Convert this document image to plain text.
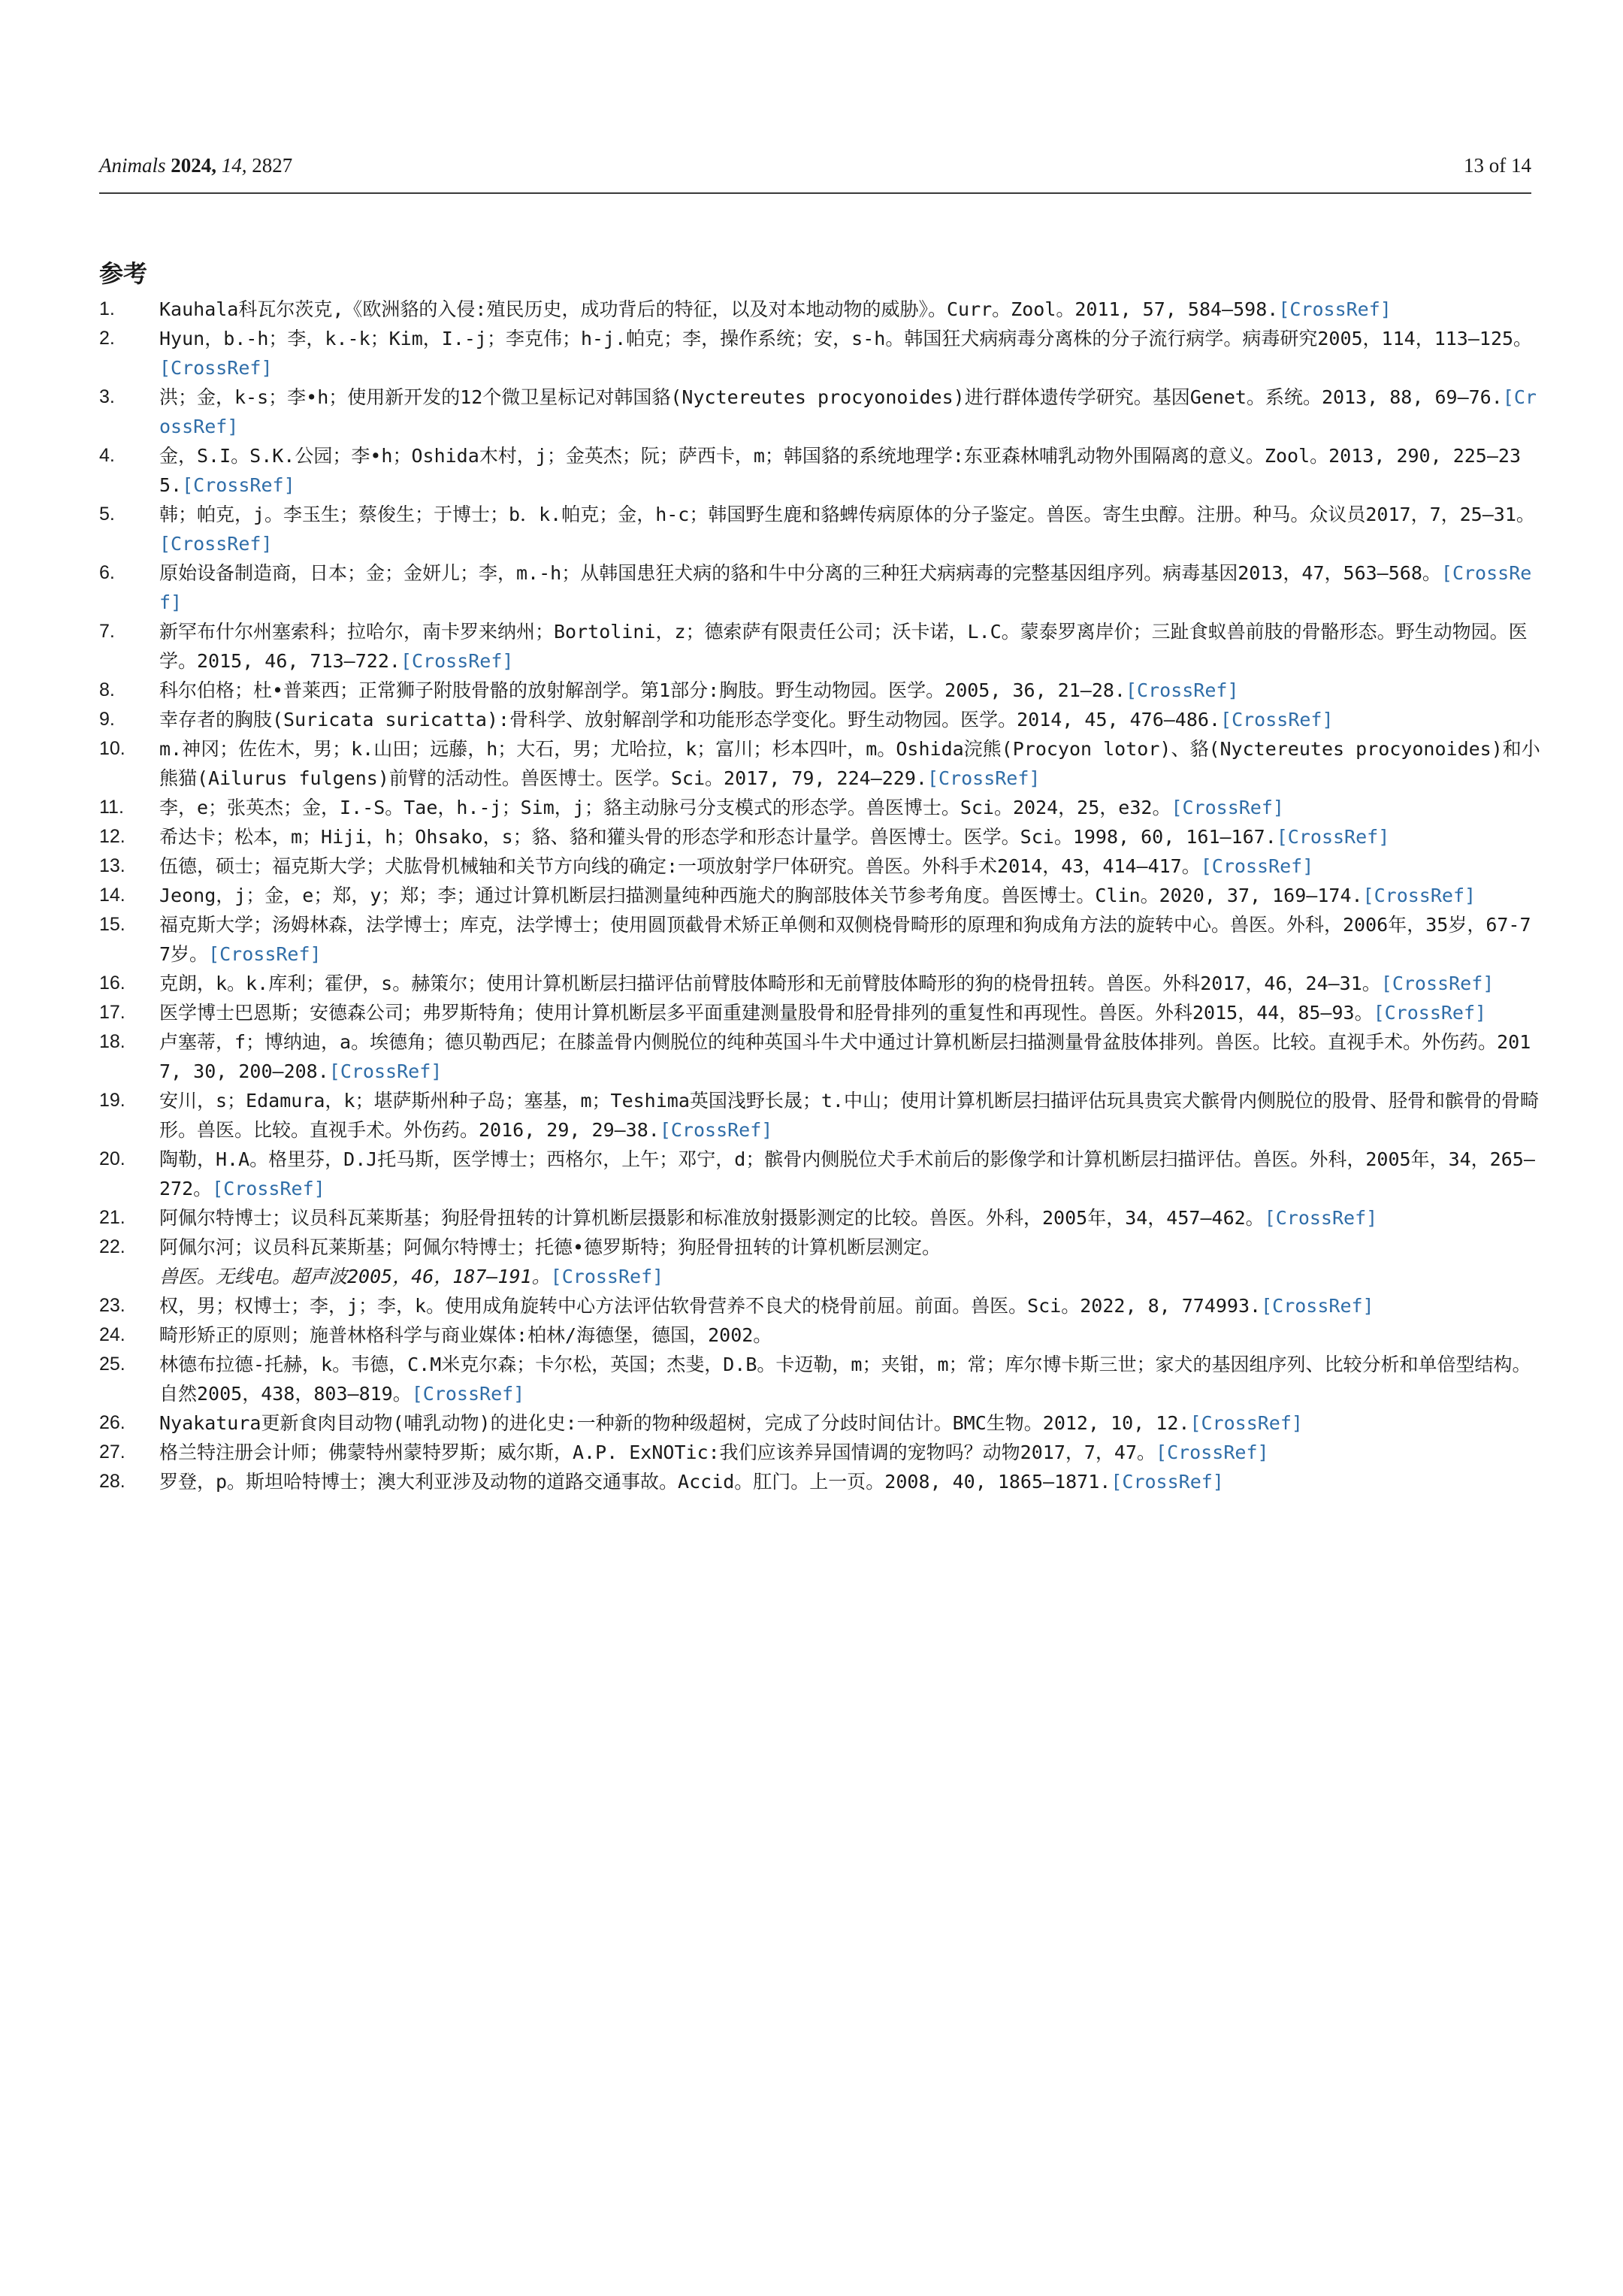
Animals 2024, 14, 2827	13 of 14
参考
1.	Kauhala科瓦尔茨克,《欧洲貉的入侵:殖民历史，成功背后的特征，以及对本地动物的威胁》。Curr。Zool。2011, 57, 584–598.[CrossRef]
2.	Hyun，b.-h；李，k.-k；Kim，I.-j；李克伟；h-j.帕克；李，操作系统；安，s-h。韩国狂犬病病毒分离株的分子流行病学。病毒研究2005，114，113–125。[CrossRef]
3.	洪；金，k-s；李•h；使用新开发的12个微卫星标记对韩国貉(Nyctereutes procyonoides)进行群体遗传学研究。基因Genet。系统。2013, 88, 69–76.[CrossRef]
4.	金，S.I。S.K.公园；李•h；Oshida木村，j；金英杰；阮；萨西卡，m；韩国貉的系统地理学:东亚森林哺乳动物外围隔离的意义。Zool。2013, 290, 225–235.[CrossRef]
5.	韩；帕克，j。李玉生；蔡俊生；于博士；b．k.帕克；金，h-c；韩国野生鹿和貉蜱传病原体的分子鉴定。兽医。寄生虫醇。注册。种马。众议员2017，7，25–31。[CrossRef]
6.	原始设备制造商，日本；金；金妍儿；李，m.-h；从韩国患狂犬病的貉和牛中分离的三种狂犬病病毒的完整基因组序列。病毒基因2013，47，563–568。[CrossRef]
7.	新罕布什尔州塞索科；拉哈尔，南卡罗来纳州；Bortolini，z；德索萨有限责任公司；沃卡诺，L.C。蒙泰罗离岸价；三趾食蚁兽前肢的骨骼形态。野生动物园。医学。2015, 46, 713–722.[CrossRef]
8.	科尔伯格；杜•普莱西；正常狮子附肢骨骼的放射解剖学。第1部分:胸肢。野生动物园。医学。2005, 36, 21–28.[CrossRef]
9.	幸存者的胸肢(Suricata suricatta):骨科学、放射解剖学和功能形态学变化。野生动物园。医学。2014, 45, 476–486.[CrossRef]
10.	m.神冈；佐佐木，男；k.山田；远藤，h；大石，男；尤哈拉，k；富川；杉本四叶，m。Oshida浣熊(Procyon lotor)、貉(Nyctereutes procyonoides)和小熊猫(Ailurus fulgens)前臂的活动性。兽医博士。医学。Sci。2017, 79, 224–229.[CrossRef]
11.	李，e；张英杰；金，I.-S。Tae，h.-j；Sim，j；貉主动脉弓分支模式的形态学。兽医博士。Sci。2024，25，e32。[CrossRef]
12.	希达卡；松本，m；Hiji，h；Ohsako，s；貉、貉和獾头骨的形态学和形态计量学。兽医博士。医学。Sci。1998, 60, 161–167.[CrossRef]
13.	伍德，硕士；福克斯大学；犬肱骨机械轴和关节方向线的确定:一项放射学尸体研究。兽医。外科手术2014，43，414–417。[CrossRef]
14.	Jeong，j；金，e；郑，y；郑；李；通过计算机断层扫描测量纯种西施犬的胸部肢体关节参考角度。兽医博士。Clin。2020, 37, 169–174.[CrossRef]
15.	福克斯大学；汤姆林森，法学博士；库克，法学博士；使用圆顶截骨术矫正单侧和双侧桡骨畸形的原理和狗成角方法的旋转中心。兽医。外科，2006年，35岁，67-77岁。[CrossRef]
16.	克朗，k。k.库利；霍伊，s。赫策尔；使用计算机断层扫描评估前臂肢体畸形和无前臂肢体畸形的狗的桡骨扭转。兽医。外科2017，46，24–31。[CrossRef]
17.	医学博士巴恩斯；安德森公司；弗罗斯特角；使用计算机断层多平面重建测量股骨和胫骨排列的重复性和再现性。兽医。外科2015，44，85–93。[CrossRef]
18.	卢塞蒂，f；博纳迪，a。埃德角；德贝勒西尼；在膝盖骨内侧脱位的纯种英国斗牛犬中通过计算机断层扫描测量骨盆肢体排列。兽医。比较。直视手术。外伤药。2017, 30, 200–208.[CrossRef]
19.	安川，s；Edamura，k；堪萨斯州种子岛；塞基，m；Teshima英国浅野长晟；t.中山；使用计算机断层扫描评估玩具贵宾犬髌骨内侧脱位的股骨、胫骨和髌骨的骨畸形。兽医。比较。直视手术。外伤药。2016, 29, 29–38.[CrossRef]
20.	陶勒，H.A。格里芬，D.J托马斯，医学博士；西格尔，上午；邓宁，d；髌骨内侧脱位犬手术前后的影像学和计算机断层扫描评估。兽医。外科，2005年，34，265–272。[CrossRef]
21.	阿佩尔特博士；议员科瓦莱斯基；狗胫骨扭转的计算机断层摄影和标准放射摄影测定的比较。兽医。外科，2005年，34，457–462。[CrossRef]
22.	阿佩尔河；议员科瓦莱斯基；阿佩尔特博士；托德•德罗斯特；狗胫骨扭转的计算机断层测定。
兽医。无线电。超声波2005，46，187–191。[CrossRef]
23.	权，男；权博士；李，j；李，k。使用成角旋转中心方法评估软骨营养不良犬的桡骨前屈。前面。兽医。Sci。2022, 8, 774993.[CrossRef]
24.	畸形矫正的原则；施普林格科学与商业媒体:柏林/海德堡，德国，2002。
25.	林德布拉德-托赫，k。韦德，C.M米克尔森；卡尔松，英国；杰斐，D.B。卡迈勒，m；夹钳，m；常；库尔博卡斯三世；家犬的基因组序列、比较分析和单倍型结构。自然2005，438，803–819。[CrossRef]
26.	Nyakatura更新食肉目动物(哺乳动物)的进化史:一种新的物种级超树，完成了分歧时间估计。BMC生物。2012, 10, 12.[CrossRef]
27.	格兰特注册会计师；佛蒙特州蒙特罗斯；威尔斯，A.P. ExNOTic:我们应该养异国情调的宠物吗？动物2017，7，47。[CrossRef]
28.	罗登，p。斯坦哈特博士；澳大利亚涉及动物的道路交通事故。Accid。肛门。上一页。2008, 40, 1865–1871.[CrossRef]
